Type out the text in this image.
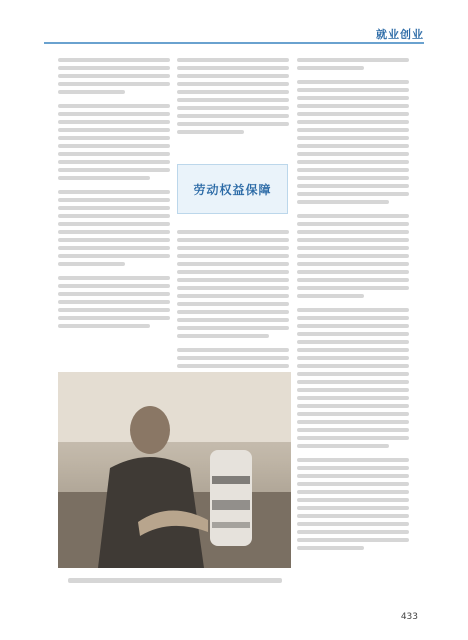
就业创业
劳动权益保障
433
